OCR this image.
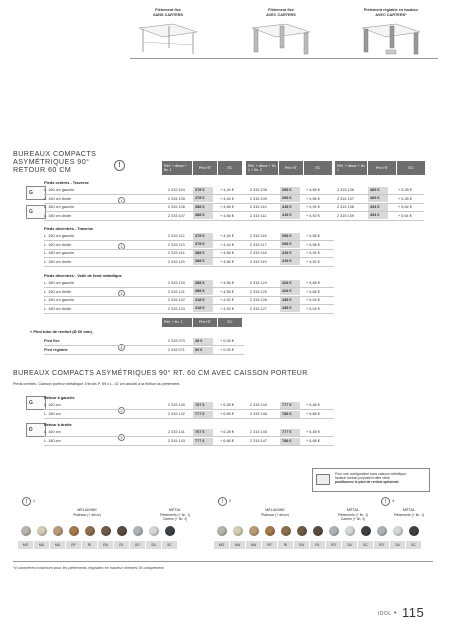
Piètement fixe
SANS CARTERS
Piètement fixe
AVEC CARTERS
Piètement réglable en hauteur
AVEC CARTERS*
BUREAUX COMPACTS
ASYMÉTRIQUES 90°
RETOUR 60 CM	!	Réf. + décor + fin. 1
Prix HT	EC
Réf. + décor + fin. 1 + fin. 2
Prix HT	EC
Réf. + décor + fin. 1
Prix HT	EC
G
G
Pieds centrés - Traverse
Pieds décentrés - Traverse
Pieds décentrés - Voile de fond métallique
1
3
3
L. 160 cm gauche	2 315 104	378 €	+ 4,44 €	2 315 108	398 €	+ 4,58 €	2 315 136	483 €	+ 5,28 €
L. 160 cm droite	2 315 105	378 €	+ 4,44 €	2 315 109	398 €	+ 4,58 €	2 315 137	483 €	+ 5,28 €
L. 180 cm gauche	2 315 106	388 €	+ 4,66 €	2 315 110	418 €	+ 4,92 €	2 315 138	494 €	+ 5,64 €
L. 180 cm droite	2 315 107	388 €	+ 4,66 €	2 315 111	418 €	+ 4,92 €	2 315 139	494 €	+ 5,64 €
L. 160 cm gauche	2 315 112	378 €	+ 4,44 €	2 315 116	398 €	+ 4,58 €
L. 160 cm droite	2 315 113	378 €	+ 4,44 €	2 315 117	398 €	+ 4,58 €
L. 180 cm gauche	2 315 114	388 €	+ 4,66 €	2 315 118	418 €	+ 4,92 €
L. 180 cm droite	2 315 115	388 €	+ 4,66 €	2 315 119	418 €	+ 4,92 €
L. 160 cm gauche	2 315 120	388 €	+ 4,56 €	2 315 124	428 €	+ 4,68 €
L. 160 cm droite	2 315 121	388 €	+ 4,56 €	2 315 125	428 €	+ 4,68 €
L. 180 cm gauche	2 315 122	418 €	+ 4,92 €	2 315 126	438 €	+ 5,04 €
L. 180 cm droite	2 315 123	418 €	+ 4,92 €	2 315 127	438 €	+ 5,04 €
Réf. + fin. 1	Prix HT	EC
» Pied tube de renfort (Ø 60 mm).
4
Pied fixe	2 315 070	28 €	+ 0,06 €
Pied réglable	2 315 071	60 €	+ 0,05 €
BUREAUX COMPACTS ASYMÉTRIQUES 90° RT. 60 CM AVEC CAISSON PORTEUR
Pieds centrés. Caisson porteur métallique 3 tiroirs P. 59 x L. 42 cm assorti à la finition du piètement.
G
D
Retour à gauche
Retour à droite
2
3
L. 160 cm	2 315 140	767 €	+ 6,28 €	2 315 144	777 €	+ 6,48 €
L. 180 cm	2 315 142	777 €	+ 6,66 €	2 315 146	788 €	+ 6,68 €
L. 160 cm	2 315 141	767 €	+ 6,28 €	2 315 145	777 €	+ 6,48 €
L. 180 cm	2 315 143	777 €	+ 6,66 €	2 315 147	788 €	+ 6,68 €
Pour une configuration sans caisson métallique,
fauteuil bureau polyvalent offre idéal,
positionnez le pied de renfort optionnel.
!	1	!	2	!	4
MÉLAMINE
Plateaux (+ décor)
MÉTAL
Piètements (+ fin. 1)
Carters (+ fin. 2)
MÉLAMINE
Plateaux (+ décor)
MÉTAL
Piètements (+ fin. 1)
Carters (+ fin. 2)
MÉTAL
Piètements (+ fin. 1)
MG	MA	MA	RF	RI	RA	RL	SO	SA	SC	MG	MA	MA	RF	RI	RA	RL	SO	SA	SC	SO	SA	SC
*4 caractères maximum pour les piètements réglables en hauteur orientés 90 uniquement.
IDOL • 115
